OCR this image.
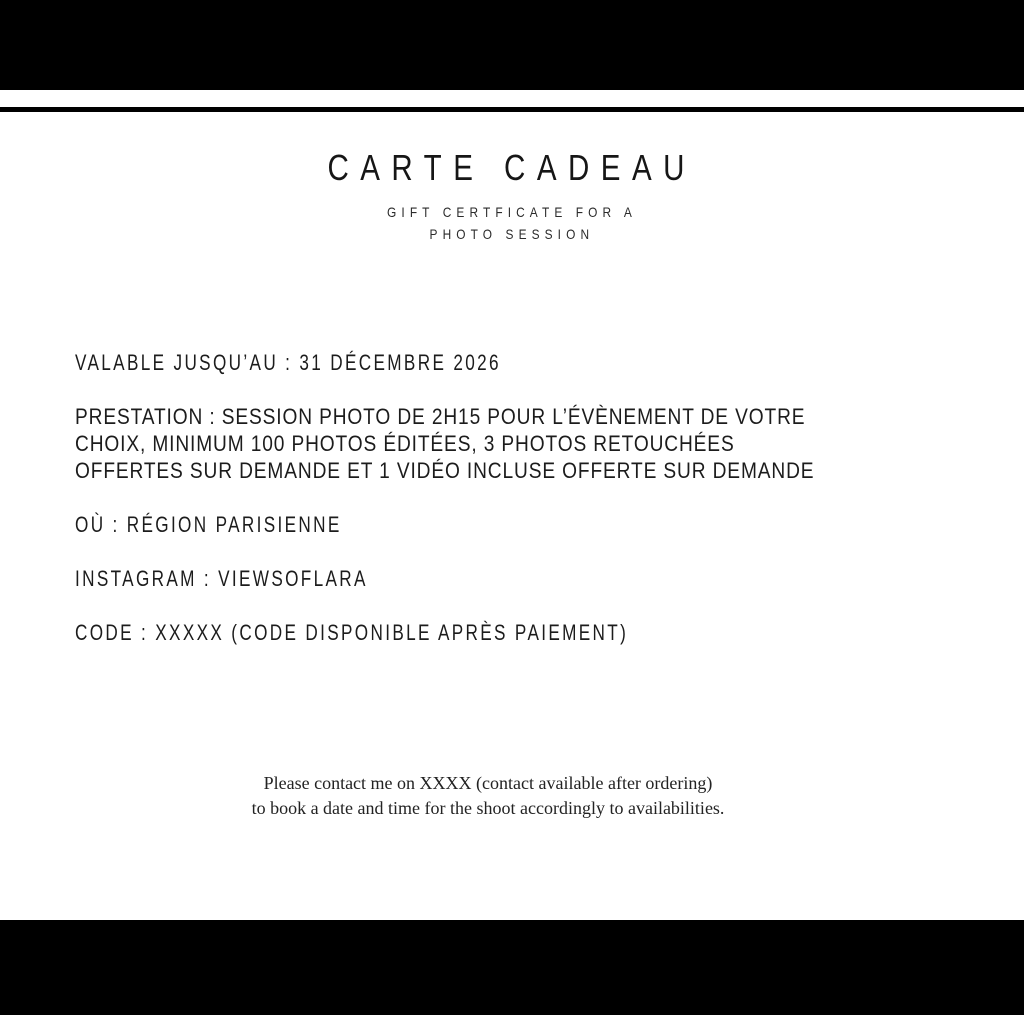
CARTE CADEAU
GIFT CERTFICATE FOR A
PHOTO SESSION
VALABLE JUSQU’AU : 31 DÉCEMBRE 2026
PRESTATION : SESSION PHOTO DE 2H15 POUR L’ÉVÈNEMENT DE VOTRE
CHOIX, MINIMUM 100 PHOTOS ÉDITÉES, 3 PHOTOS RETOUCHÉES
OFFERTES SUR DEMANDE ET 1 VIDÉO INCLUSE OFFERTE SUR DEMANDE
OÙ : RÉGION PARISIENNE
INSTAGRAM : VIEWSOFLARA
CODE : XXXXX (CODE DISPONIBLE APRÈS PAIEMENT)
Please contact me on XXXX (contact available after ordering)
to book a date and time for the shoot accordingly to availabilities.
